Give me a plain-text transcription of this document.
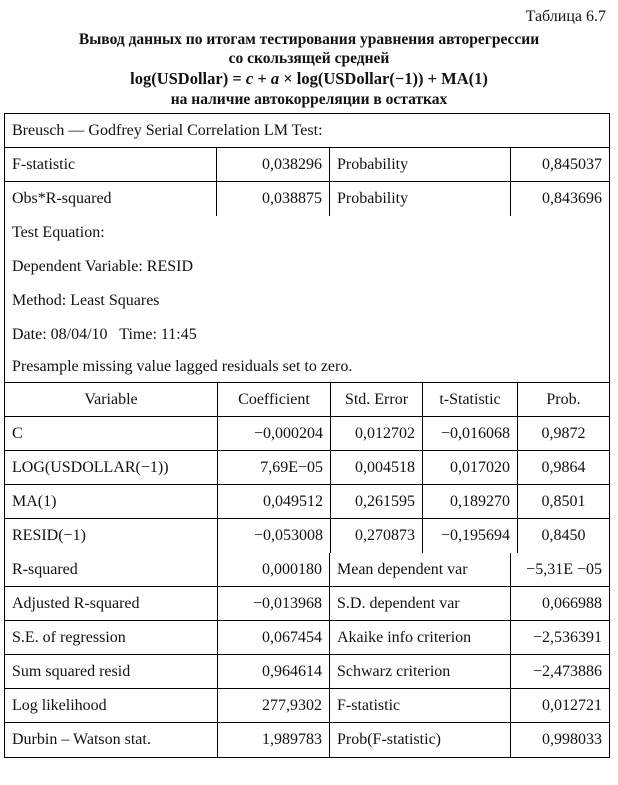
Таблица 6.7
Вывод данных по итогам тестирования уравнения авторегрессии
со скользящей средней
log(USDollar) = c + a × log(USDollar(−1)) + MA(1)
на наличие автокорреляции в остатках
Breusch — Godfrey Serial Correlation LM Test:
F-statistic	0,038296 Probability	0,845037
Obs*R-squared	0,038875 Probability	0,843696
Test Equation:
Dependent Variable: RESID
Method: Least Squares
Date: 08/04/10   Time: 11:45
Presample missing value lagged residuals set to zero.
Variable	Coefficient	Std. Error	t-Statistic	Prob.
C	−0,000204	0,012702	−0,016068	0,9872
LOG(USDOLLAR(−1))	7,69E−05	0,004518	0,017020	0,9864
MA(1)	0,049512	0,261595	0,189270	0,8501
RESID(−1)	−0,053008	0,270873	−0,195694	0,8450
R-squared	0,000180 Mean dependent var	−5,31E −05
Adjusted R-squared	−0,013968 S.D. dependent var	0,066988
S.E. of regression	0,067454 Akaike info criterion	−2,536391
Sum squared resid	0,964614 Schwarz criterion	−2,473886
Log likelihood	277,9302 F-statistic	0,012721
Durbin – Watson stat.	1,989783 Prob(F-statistic)	0,998033
